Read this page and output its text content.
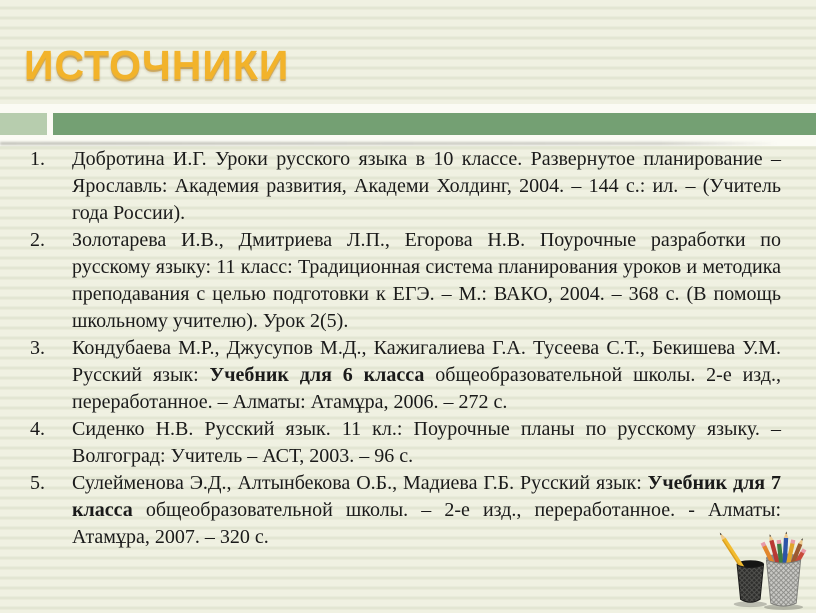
ИСТОЧНИКИ
1.	Добротина И.Г. Уроки русского языка в 10 классе. Развернутое планирование – Ярославль: Академия развития, Академи Холдинг, 2004. – 144 с.: ил. – (Учитель года России).
2.	Золотарева И.В., Дмитриева Л.П., Егорова Н.В. Поурочные разработки по русскому языку: 11 класс: Традиционная система планирования уроков и методика преподавания с целью подготовки к ЕГЭ. – М.: ВАКО, 2004. – 368 с. (В помощь школьному учителю). Урок 2(5).
3.	Кондубаева М.Р., Джусупов М.Д., Кажигалиева Г.А. Тусеева С.Т., Бекишева У.М. Русский язык: Учебник для 6 класса общеобразовательной школы. 2-е изд., переработанное. – Алматы: Атамұра, 2006. – 272 с.
4.	Сиденко Н.В. Русский язык. 11 кл.: Поурочные планы по русскому языку. – Волгоград: Учитель – АСТ, 2003. – 96 с.
5.	Сулейменова Э.Д., Алтынбекова О.Б., Мадиева Г.Б. Русский язык: Учебник для 7 класса общеобразовательной школы. – 2-е изд., переработанное. - Алматы: Атамұра, 2007. – 320 с.
